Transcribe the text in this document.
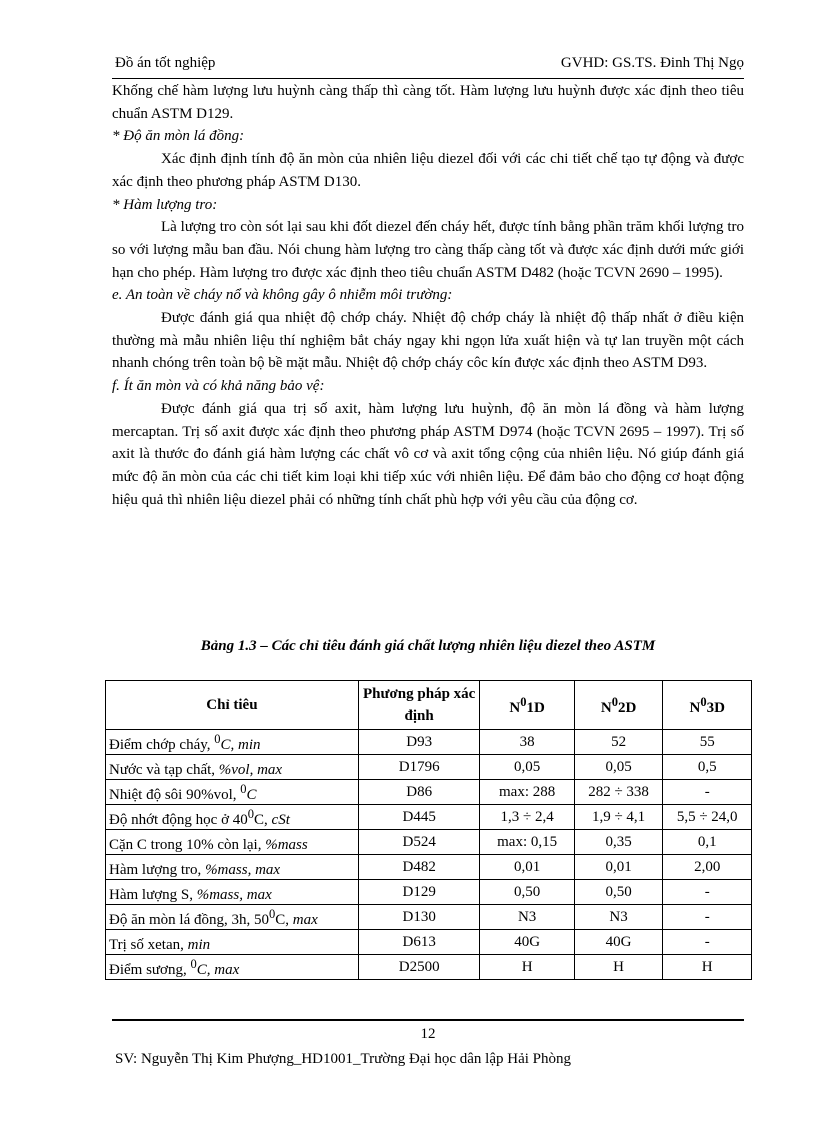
Đồ án tốt nghiệp	GVHD: GS.TS. Đinh Thị Ngọ

Khống chế hàm lượng lưu huỳnh càng thấp thì càng tốt. Hàm lượng lưu huỳnh được xác định theo tiêu chuẩn ASTM D129.

* Độ ăn mòn lá đồng:

Xác định định tính độ ăn mòn của nhiên liệu diezel đối với các chi tiết chế tạo tự động và được xác định theo phương pháp ASTM D130.

* Hàm lượng tro:

Là lượng tro còn sót lại sau khi đốt diezel đến cháy hết, được tính bằng phần trăm khối lượng tro so với lượng mẫu ban đầu. Nói chung hàm lượng tro càng thấp càng tốt và được xác định dưới mức giới hạn cho phép. Hàm lượng tro được xác định theo tiêu chuẩn ASTM D482 (hoặc TCVN 2690 – 1995).

e. An toàn về cháy nổ và không gây ô nhiễm môi trường:

Được đánh giá qua nhiệt độ chớp cháy. Nhiệt độ chớp cháy là nhiệt độ thấp nhất ở điều kiện thường mà mẫu nhiên liệu thí nghiệm bắt cháy ngay khi ngọn lửa xuất hiện và tự lan truyền một cách nhanh chóng trên toàn bộ bề mặt mẫu. Nhiệt độ chớp cháy côc kín được xác định theo ASTM D93.

f. Ít ăn mòn và có khả năng bảo vệ:

Được đánh giá qua trị số axit, hàm lượng lưu huỳnh, độ ăn mòn lá đồng và hàm lượng mercaptan. Trị số axit được xác định theo phương pháp ASTM D974 (hoặc TCVN 2695 – 1997). Trị số axit là thước đo đánh giá hàm lượng các chất vô cơ và axit tổng cộng của nhiên liệu. Nó giúp đánh giá mức độ ăn mòn của các chi tiết kim loại khi tiếp xúc với nhiên liệu. Để đảm bảo cho động cơ hoạt động hiệu quả thì nhiên liệu diezel phải có những tính chất phù hợp với yêu cầu của động cơ.

Bảng 1.3 – Các chỉ tiêu đánh giá chất lượng nhiên liệu diezel theo ASTM
Chỉ tiêu	Phương pháp xác định	$N^01D$	$N^02D$	$N^03D$
Điểm chớp cháy, $^0$C, min	D93	38	52	55
Nước và tạp chất, %vol, max	D1796	0,05	0,05	0,5
Nhiệt độ sôi 90%vol, $^0$C	D86	max: 288	282 ÷ 338	-
Độ nhớt động học ở $40^0C$, cSt	D445	1,3 ÷ 2,4	1,9 ÷ 4,1	5,5 ÷ 24,0
Cặn C trong 10% còn lại, %mass	D524	max: 0,15	0,35	0,1
Hàm lượng tro, %mass, max	D482	0,01	0,01	2,00
Hàm lượng S, %mass, max	D129	0,50	0,50	-
Độ ăn mòn lá đồng, 3h, $50^0C$, max	D130	N3	N3	-
Trị số xetan, min	D613	40G	40G	-
Điểm sương, $^0$C, max	D2500	H	H	H
12
SV: Nguyễn Thị Kim Phượng_HD1001_Trường Đại học dân lập Hải Phòng
